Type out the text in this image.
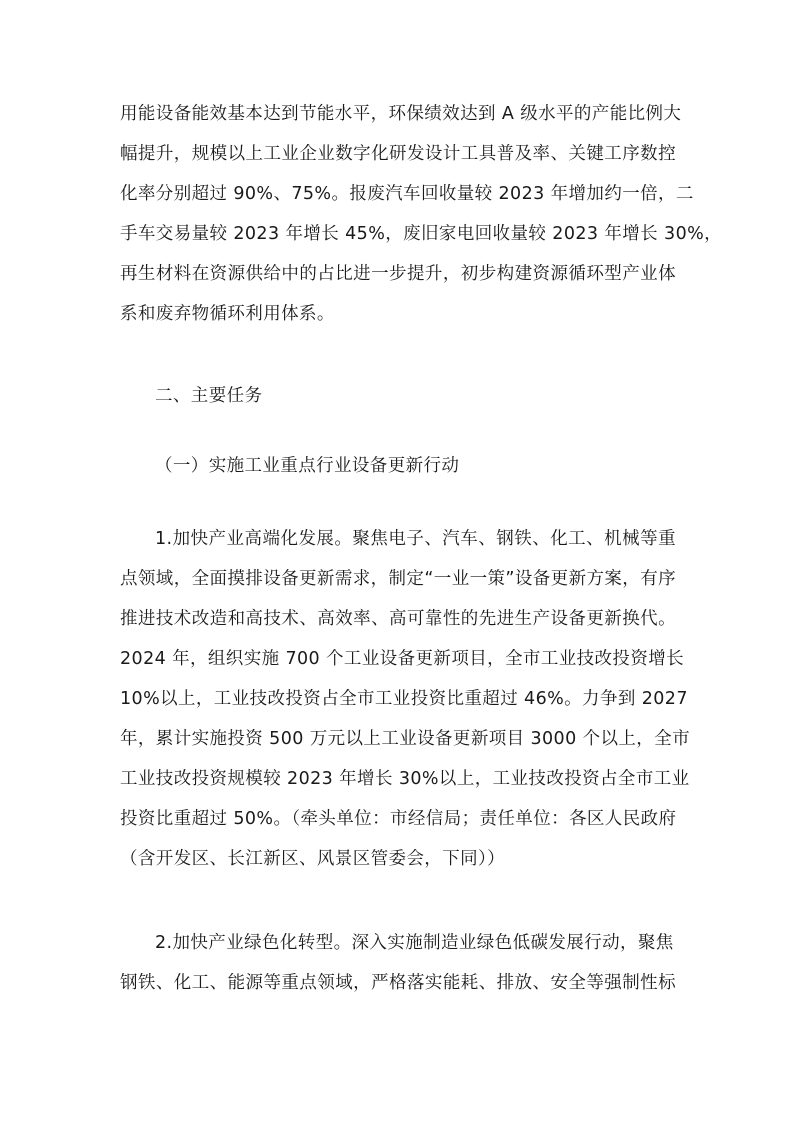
用能设备能效基本达到节能水平，环保绩效达到 A 级水平的产能比例大
幅提升，规模以上工业企业数字化研发设计工具普及率、关键工序数控
化率分别超过 90%、75%。报废汽车回收量较 2023 年增加约一倍，二
手车交易量较 2023 年增长 45%，废旧家电回收量较 2023 年增长 30%，
再生材料在资源供给中的占比进一步提升，初步构建资源循环型产业体
系和废弃物循环利用体系。
二、主要任务
（一）实施工业重点行业设备更新行动
1.加快产业高端化发展。聚焦电子、汽车、钢铁、化工、机械等重
点领域，全面摸排设备更新需求，制定“一业一策”设备更新方案，有序
推进技术改造和高技术、高效率、高可靠性的先进生产设备更新换代。
2024 年，组织实施 700 个工业设备更新项目，全市工业技改投资增长
10%以上，工业技改投资占全市工业投资比重超过 46%。力争到 2027
年，累计实施投资 500 万元以上工业设备更新项目 3000 个以上，全市
工业技改投资规模较 2023 年增长 30%以上，工业技改投资占全市工业
投资比重超过 50%。（牵头单位：市经信局；责任单位：各区人民政府
（含开发区、长江新区、风景区管委会，下同））
2.加快产业绿色化转型。深入实施制造业绿色低碳发展行动，聚焦
钢铁、化工、能源等重点领域，严格落实能耗、排放、安全等强制性标
